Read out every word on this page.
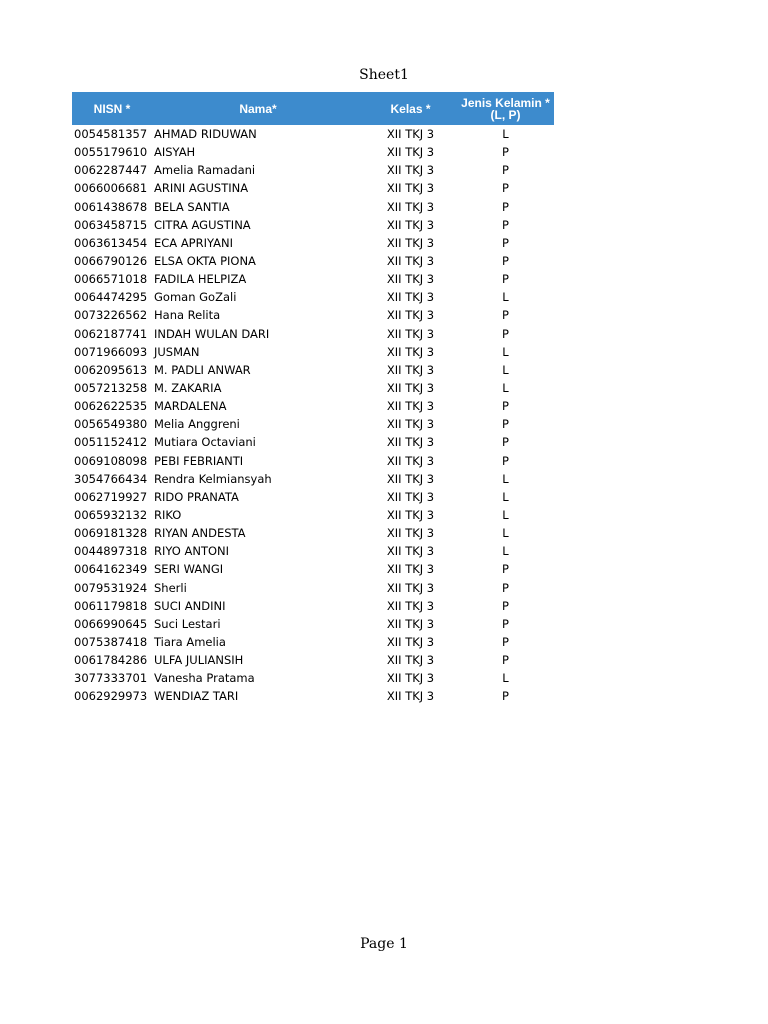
Sheet1
NISN *	Nama*	Kelas *	Jenis Kelamin *
(L, P)

0054581357	AHMAD RIDUWAN	XII TKJ 3	L
0055179610	AISYAH	XII TKJ 3	P
0062287447	Amelia Ramadani	XII TKJ 3	P
0066006681	ARINI AGUSTINA	XII TKJ 3	P
0061438678	BELA SANTIA	XII TKJ 3	P
0063458715	CITRA AGUSTINA	XII TKJ 3	P
0063613454	ECA APRIYANI	XII TKJ 3	P
0066790126	ELSA OKTA PIONA	XII TKJ 3	P
0066571018	FADILA HELPIZA	XII TKJ 3	P
0064474295	Goman GoZali	XII TKJ 3	L
0073226562	Hana Relita	XII TKJ 3	P
0062187741	INDAH WULAN DARI	XII TKJ 3	P
0071966093	JUSMAN	XII TKJ 3	L
0062095613	M. PADLI ANWAR	XII TKJ 3	L
0057213258	M. ZAKARIA	XII TKJ 3	L
0062622535	MARDALENA	XII TKJ 3	P
0056549380	Melia Anggreni	XII TKJ 3	P
0051152412	Mutiara Octaviani	XII TKJ 3	P
0069108098	PEBI FEBRIANTI	XII TKJ 3	P
3054766434	Rendra Kelmiansyah	XII TKJ 3	L
0062719927	RIDO PRANATA	XII TKJ 3	L
0065932132	RIKO	XII TKJ 3	L
0069181328	RIYAN ANDESTA	XII TKJ 3	L
0044897318	RIYO ANTONI	XII TKJ 3	L
0064162349	SERI WANGI	XII TKJ 3	P
0079531924	Sherli	XII TKJ 3	P
0061179818	SUCI ANDINI	XII TKJ 3	P
0066990645	Suci Lestari	XII TKJ 3	P
0075387418	Tiara Amelia	XII TKJ 3	P
0061784286	ULFA JULIANSIH	XII TKJ 3	P
3077333701	Vanesha Pratama	XII TKJ 3	L
0062929973	WENDIAZ TARI	XII TKJ 3	P
Page 1
